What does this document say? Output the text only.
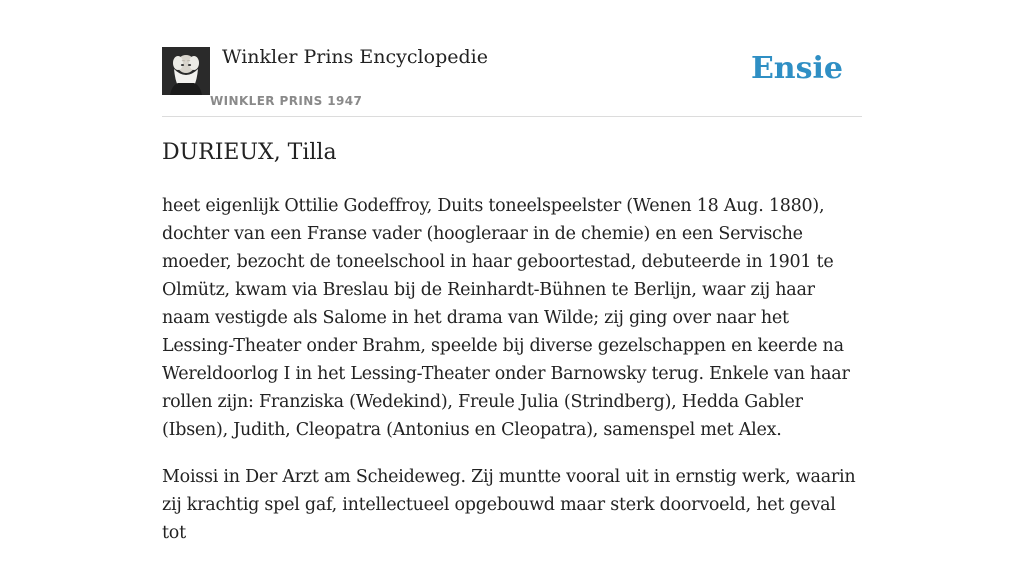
Winkler Prins Encyclopedie
WINKLER PRINS 1947
Ensie
DURIEUX, Tilla

heet eigenlijk Ottilie Godeffroy, Duits toneelspeelster (Wenen 18 Aug. 1880), dochter van een Franse vader (hoogleraar in de chemie) en een Servische moeder, bezocht de toneelschool in haar geboortestad, debuteerde in 1901 te Olmütz, kwam via Breslau bij de Reinhardt-Bühnen te Berlijn, waar zij haar naam vestigde als Salome in het drama van Wilde; zij ging over naar het Lessing-Theater onder Brahm, speelde bij diverse gezelschappen en keerde na Wereldoorlog I in het Lessing-Theater onder Barnowsky terug. Enkele van haar rollen zijn: Franziska (Wedekind), Freule Julia (Strindberg), Hedda Gabler (Ibsen), Judith, Cleopatra (Antonius en Cleopatra), samenspel met Alex.

Moissi in Der Arzt am Scheideweg. Zij muntte vooral uit in ernstig werk, waarin zij krachtig spel gaf, intellectueel opgebouwd maar sterk doorvoeld, het geval tot
